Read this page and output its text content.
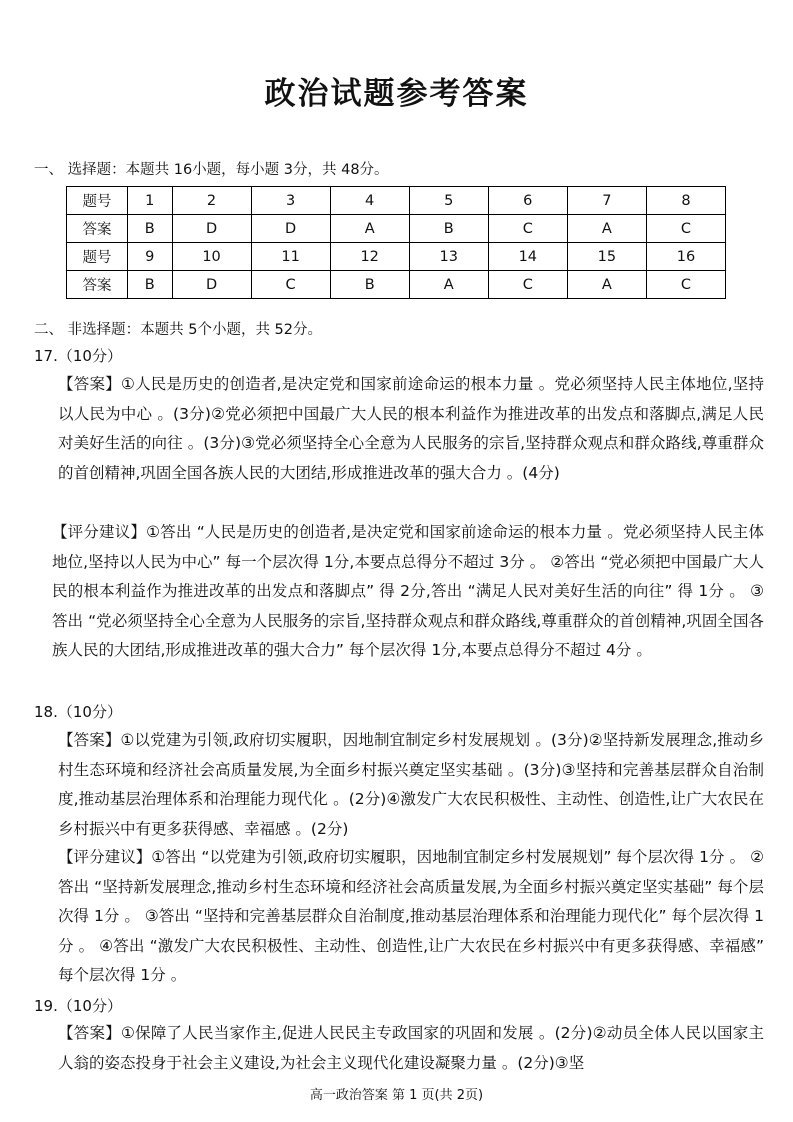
政治试题参考答案
一、 选择题：本题共 16小题，每小题 3分，共 48分。
题号	1	2	3	4	5	6	7	8
答案	B	D	D	A	B	C	A	C
题号	9	10	11	12	13	14	15	16
答案	B	D	C	B	A	C	A	C
二、 非选择题：本题共 5个小题，共 52分。
17.（10分）
【答案】①人民是历史的创造者,是决定党和国家前途命运的根本力量 。党必须坚持人民主体地位,坚持以人民为中心 。(3分)②党必须把中国最广大人民的根本利益作为推进改革的出发点和落脚点,满足人民对美好生活的向往 。(3分)③党必须坚持全心全意为人民服务的宗旨,坚持群众观点和群众路线,尊重群众的首创精神,巩固全国各族人民的大团结,形成推进改革的强大合力 。(4分)
【评分建议】①答出 “人民是历史的创造者,是决定党和国家前途命运的根本力量 。党必须坚持人民主体地位,坚持以人民为中心” 每一个层次得 1分,本要点总得分不超过 3分 。 ②答出 “党必须把中国最广大人民的根本利益作为推进改革的出发点和落脚点” 得 2分,答出 “满足人民对美好生活的向往” 得 1分 。 ③答出 “党必须坚持全心全意为人民服务的宗旨,坚持群众观点和群众路线,尊重群众的首创精神,巩固全国各族人民的大团结,形成推进改革的强大合力” 每个层次得 1分,本要点总得分不超过 4分 。
18.（10分）
【答案】①以党建为引领,政府切实履职，因地制宜制定乡村发展规划 。(3分)②坚持新发展理念,推动乡村生态环境和经济社会高质量发展,为全面乡村振兴奠定坚实基础 。(3分)③坚持和完善基层群众自治制度,推动基层治理体系和治理能力现代化 。(2分)④激发广大农民积极性、主动性、创造性,让广大农民在乡村振兴中有更多获得感、幸福感 。(2分)
【评分建议】①答出 “以党建为引领,政府切实履职，因地制宜制定乡村发展规划” 每个层次得 1分 。 ②答出 “坚持新发展理念,推动乡村生态环境和经济社会高质量发展,为全面乡村振兴奠定坚实基础” 每个层次得 1分 。 ③答出 “坚持和完善基层群众自治制度,推动基层治理体系和治理能力现代化” 每个层次得 1分 。 ④答出 “激发广大农民积极性、主动性、创造性,让广大农民在乡村振兴中有更多获得感、幸福感” 每个层次得 1分 。
19.（10分）
【答案】①保障了人民当家作主,促进人民民主专政国家的巩固和发展 。(2分)②动员全体人民以国家主人翁的姿态投身于社会主义建设,为社会主义现代化建设凝聚力量 。(2分)③坚
高一政治答案 第 1 页(共 2页)
